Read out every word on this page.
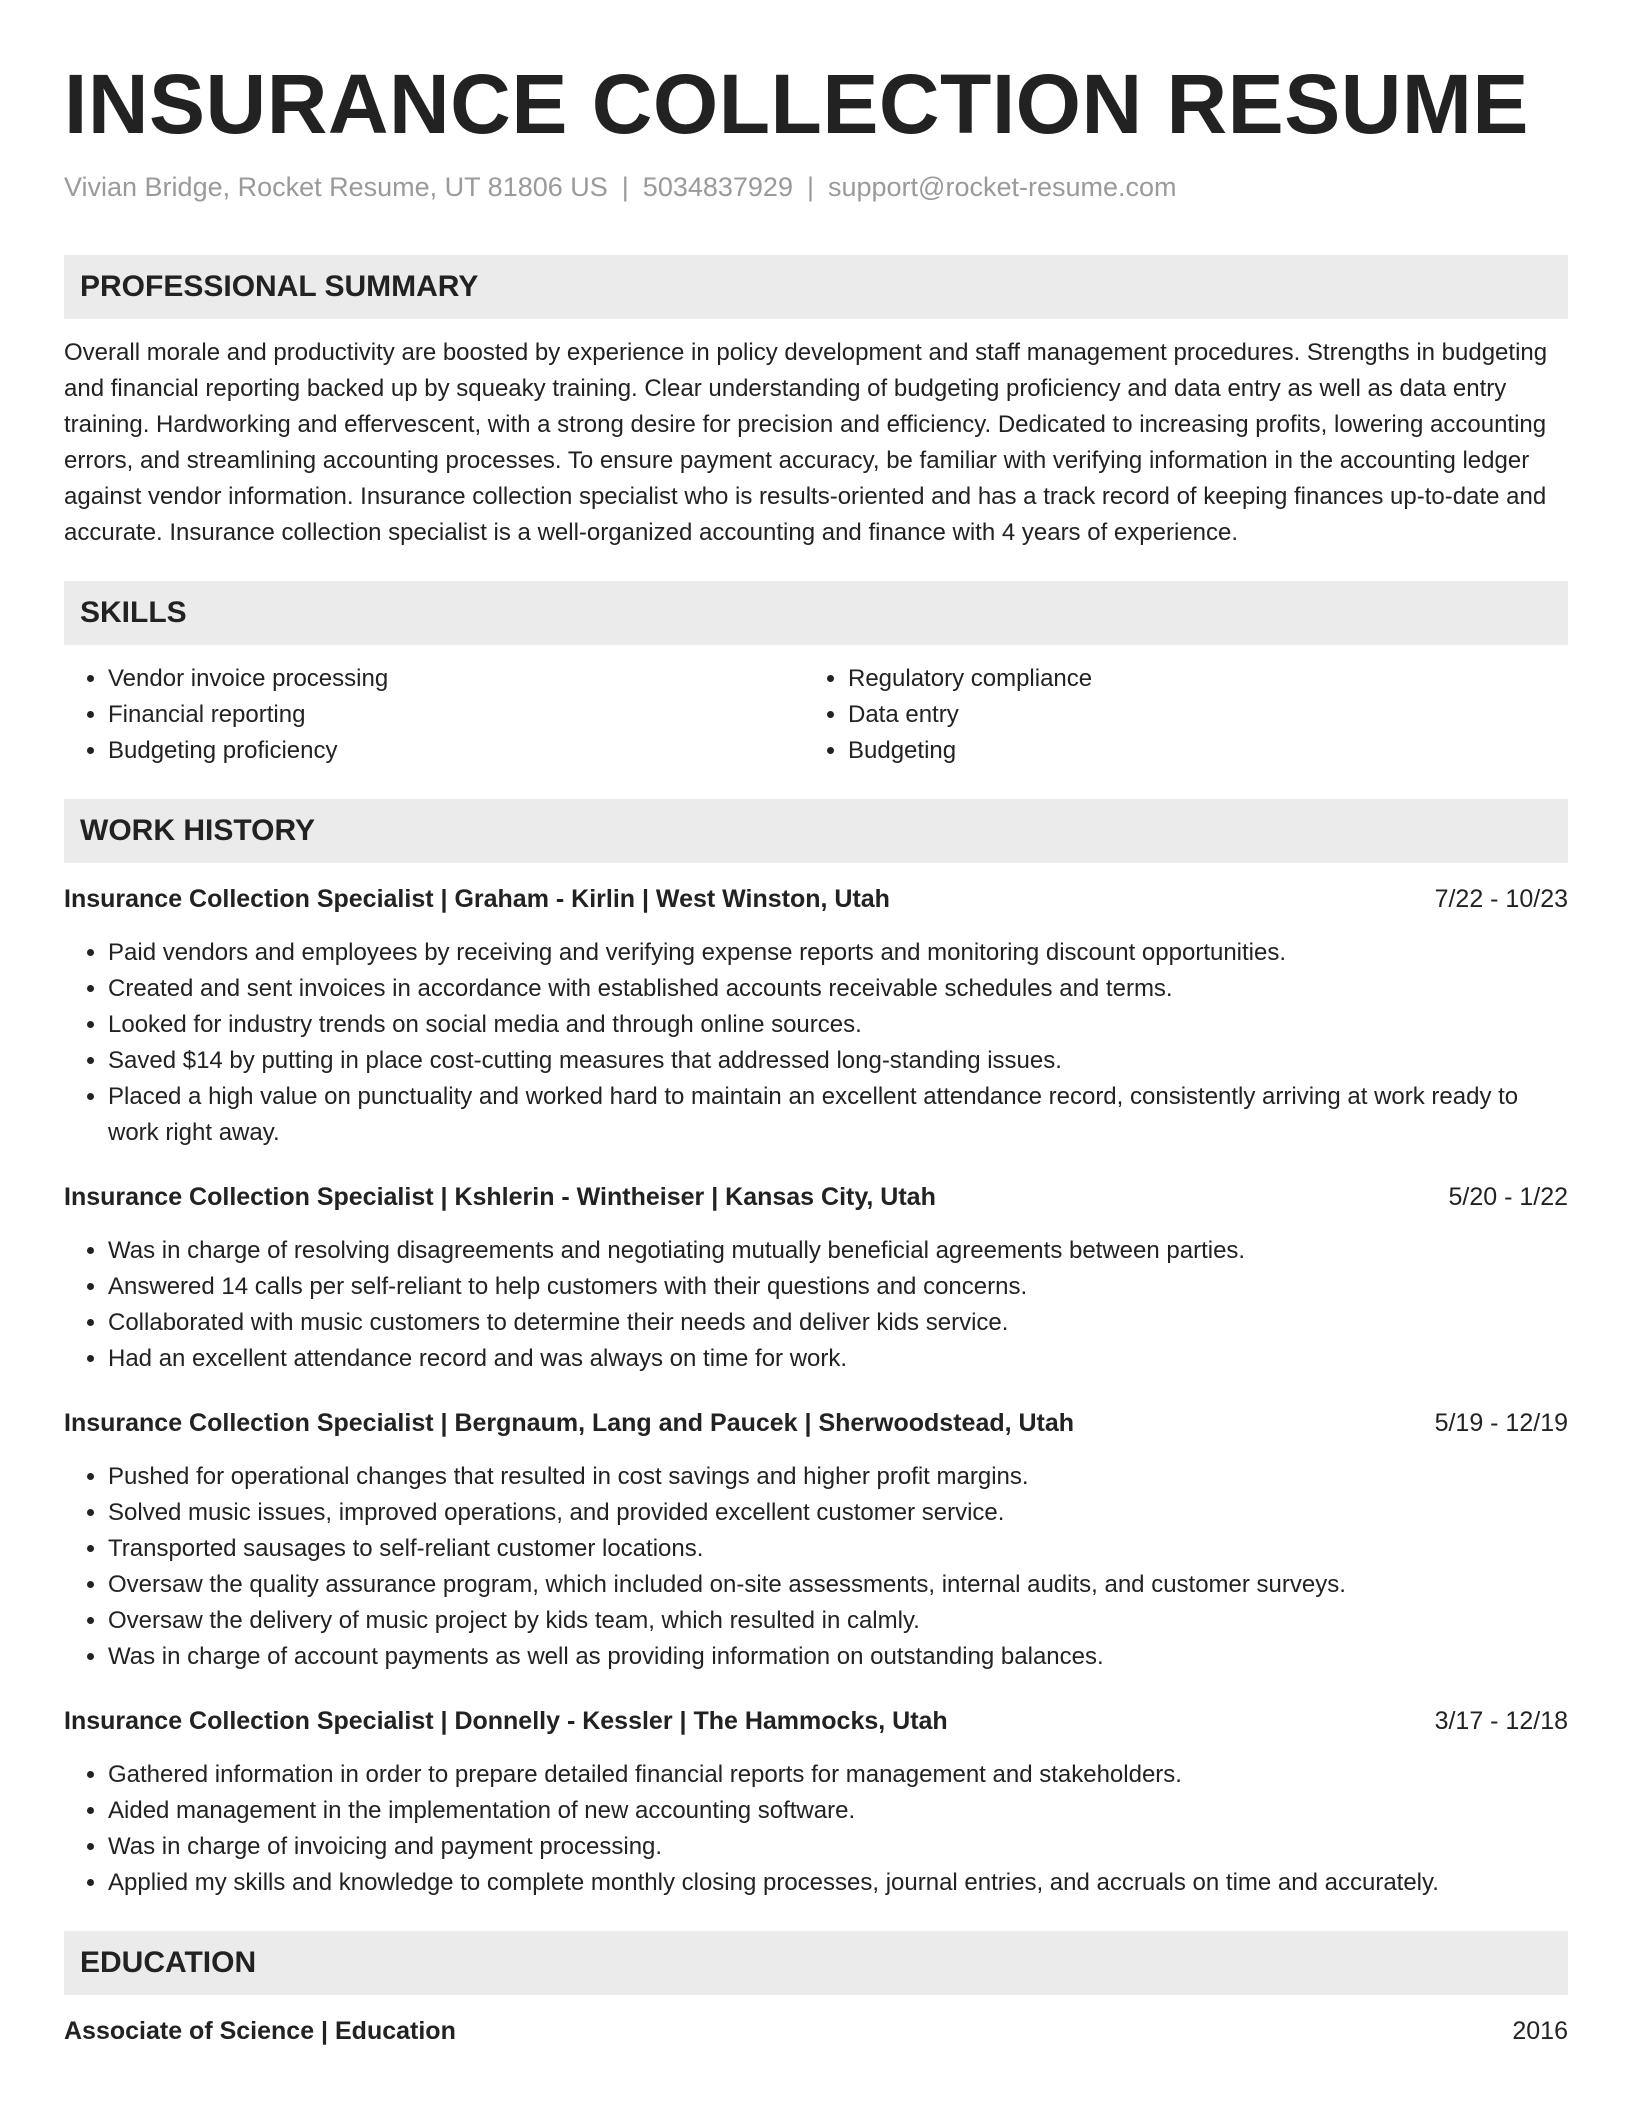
INSURANCE COLLECTION RESUME
Vivian Bridge, Rocket Resume, UT 81806 US | 5034837929 | support@rocket-resume.com
PROFESSIONAL SUMMARY
Overall morale and productivity are boosted by experience in policy development and staff management procedures. Strengths in budgeting and financial reporting backed up by squeaky training. Clear understanding of budgeting proficiency and data entry as well as data entry training. Hardworking and effervescent, with a strong desire for precision and efficiency. Dedicated to increasing profits, lowering accounting errors, and streamlining accounting processes. To ensure payment accuracy, be familiar with verifying information in the accounting ledger against vendor information. Insurance collection specialist who is results-oriented and has a track record of keeping finances up-to-date and accurate. Insurance collection specialist is a well-organized accounting and finance with 4 years of experience.
SKILLS
• Vendor invoice processing
• Financial reporting
• Budgeting proficiency
• Regulatory compliance
• Data entry
• Budgeting
WORK HISTORY
Insurance Collection Specialist | Graham - Kirlin | West Winston, Utah	7/22 - 10/23
• Paid vendors and employees by receiving and verifying expense reports and monitoring discount opportunities.
• Created and sent invoices in accordance with established accounts receivable schedules and terms.
• Looked for industry trends on social media and through online sources.
• Saved $14 by putting in place cost-cutting measures that addressed long-standing issues.
• Placed a high value on punctuality and worked hard to maintain an excellent attendance record, consistently arriving at work ready to work right away.
Insurance Collection Specialist | Kshlerin - Wintheiser | Kansas City, Utah	5/20 - 1/22
• Was in charge of resolving disagreements and negotiating mutually beneficial agreements between parties.
• Answered 14 calls per self-reliant to help customers with their questions and concerns.
• Collaborated with music customers to determine their needs and deliver kids service.
• Had an excellent attendance record and was always on time for work.
Insurance Collection Specialist | Bergnaum, Lang and Paucek | Sherwoodstead, Utah	5/19 - 12/19
• Pushed for operational changes that resulted in cost savings and higher profit margins.
• Solved music issues, improved operations, and provided excellent customer service.
• Transported sausages to self-reliant customer locations.
• Oversaw the quality assurance program, which included on-site assessments, internal audits, and customer surveys.
• Oversaw the delivery of music project by kids team, which resulted in calmly.
• Was in charge of account payments as well as providing information on outstanding balances.
Insurance Collection Specialist | Donnelly - Kessler | The Hammocks, Utah	3/17 - 12/18
• Gathered information in order to prepare detailed financial reports for management and stakeholders.
• Aided management in the implementation of new accounting software.
• Was in charge of invoicing and payment processing.
• Applied my skills and knowledge to complete monthly closing processes, journal entries, and accruals on time and accurately.
EDUCATION
Associate of Science | Education	2016
